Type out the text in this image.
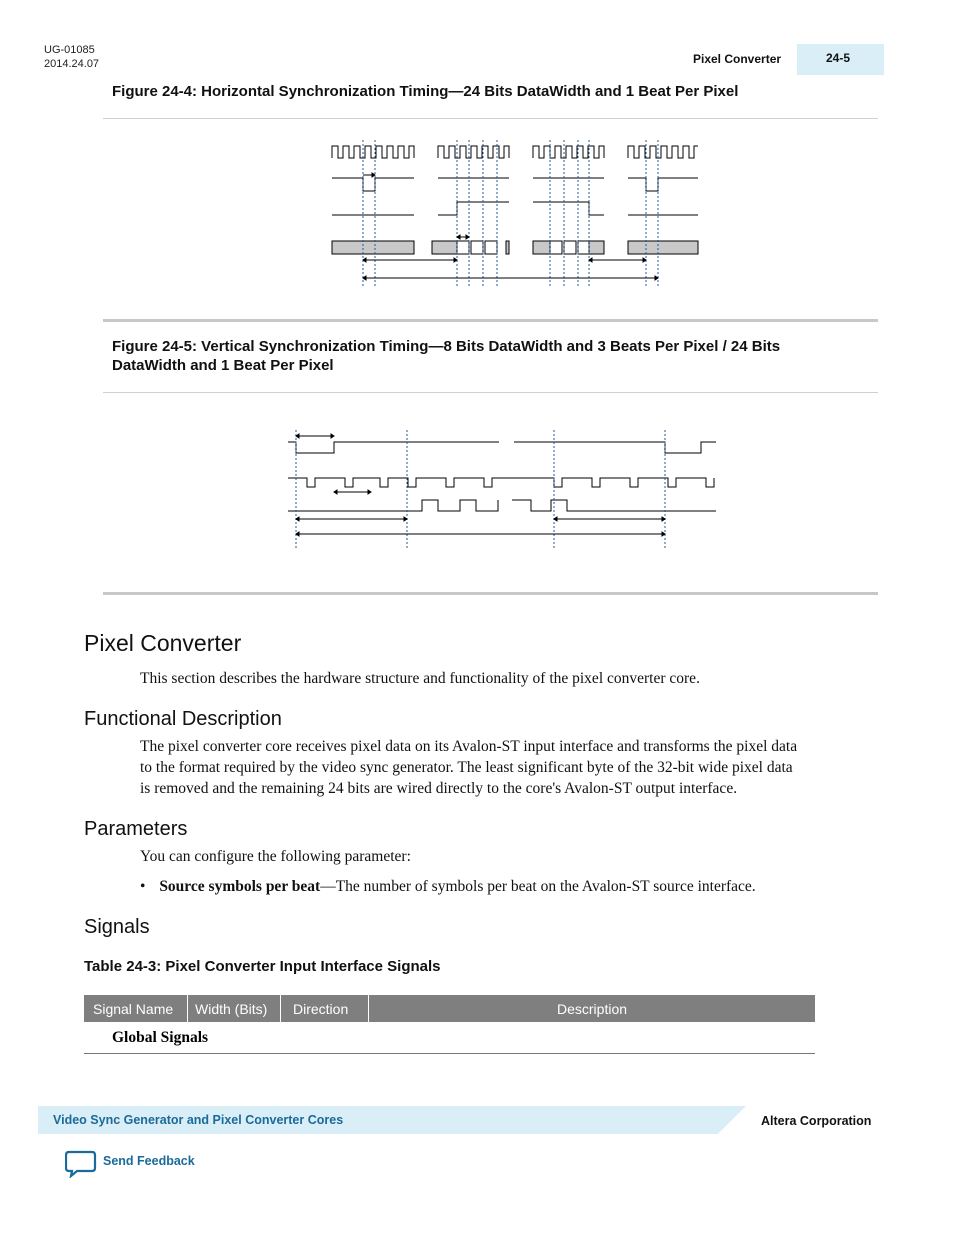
UG-01085
2014.24.07	Pixel Converter	24-5
Figure 24-4: Horizontal Synchronization Timing—24 Bits DataWidth and 1 Beat Per Pixel
Figure 24-5: Vertical Synchronization Timing—8 Bits DataWidth and 3 Beats Per Pixel / 24 Bits
DataWidth and 1 Beat Per Pixel
Pixel Converter
This section describes the hardware structure and functionality of the pixel converter core.
Functional Description
The pixel converter core receives pixel data on its Avalon-ST input interface and transforms the pixel data
to the format required by the video sync generator. The least significant byte of the 32-bit wide pixel data
is removed and the remaining 24 bits are wired directly to the core's Avalon-ST output interface.
Parameters
You can configure the following parameter:
• Source symbols per beat—The number of symbols per beat on the Avalon-ST source interface.
Signals
Table 24-3: Pixel Converter Input Interface Signals
Signal Name	Width (Bits)	Direction	Description
Global Signals
Video Sync Generator and Pixel Converter Cores	Altera Corporation
Send Feedback
